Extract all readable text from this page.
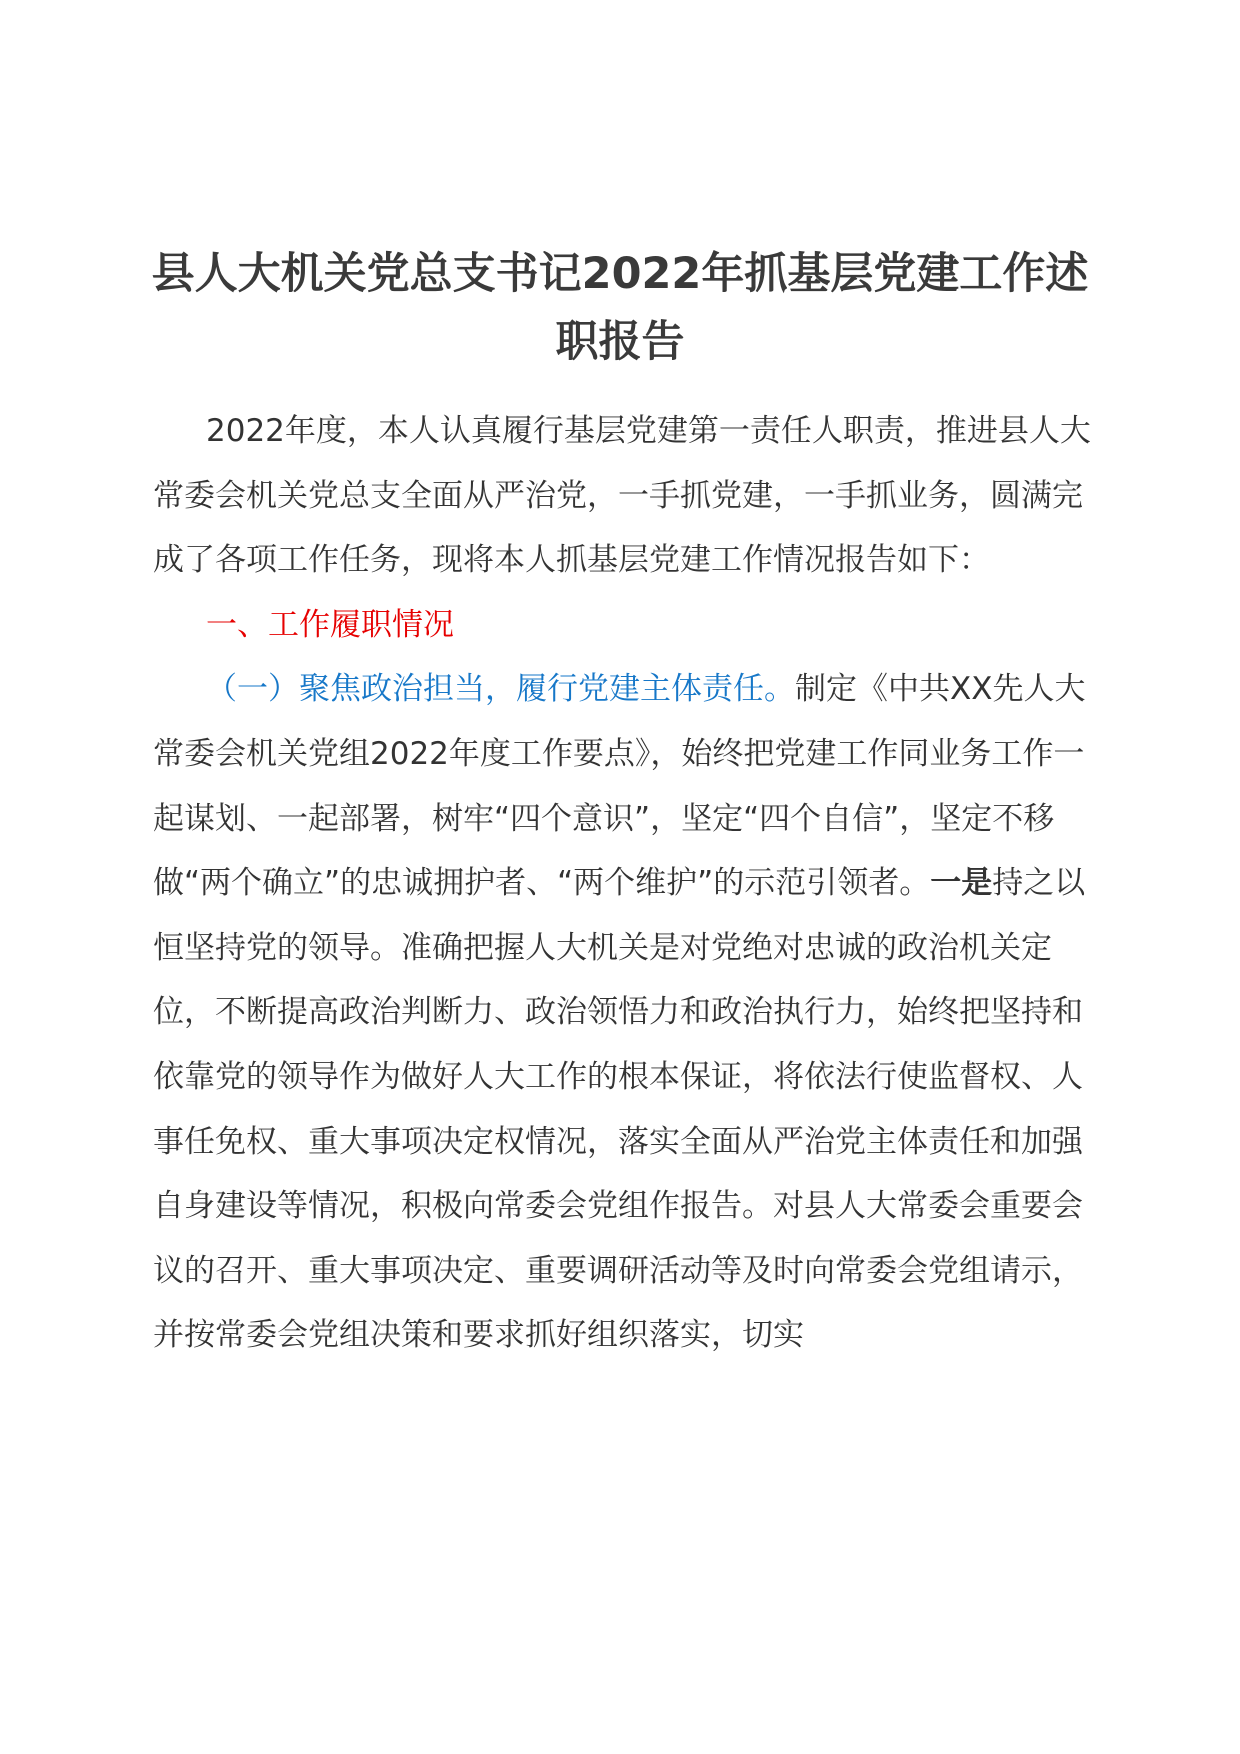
县人大机关党总支书记2022年抓基层党建工作述职报告

2022年度，本人认真履行基层党建第一责任人职责，推进县人大常委会机关党总支全面从严治党，一手抓党建，一手抓业务，圆满完成了各项工作任务，现将本人抓基层党建工作情况报告如下：

一、工作履职情况

（一）聚焦政治担当，履行党建主体责任。制定《中共XX先人大常委会机关党组2022年度工作要点》，始终把党建工作同业务工作一起谋划、一起部署，树牢“四个意识”，坚定“四个自信”，坚定不移做“两个确立”的忠诚拥护者、“两个维护”的示范引领者。一是持之以恒坚持党的领导。准确把握人大机关是对党绝对忠诚的政治机关定位，不断提高政治判断力、政治领悟力和政治执行力，始终把坚持和依靠党的领导作为做好人大工作的根本保证，将依法行使监督权、人事任免权、重大事项决定权情况，落实全面从严治党主体责任和加强自身建设等情况，积极向常委会党组作报告。对县人大常委会重要会议的召开、重大事项决定、重要调研活动等及时向常委会党组请示，并按常委会党组决策和要求抓好组织落实，切实
